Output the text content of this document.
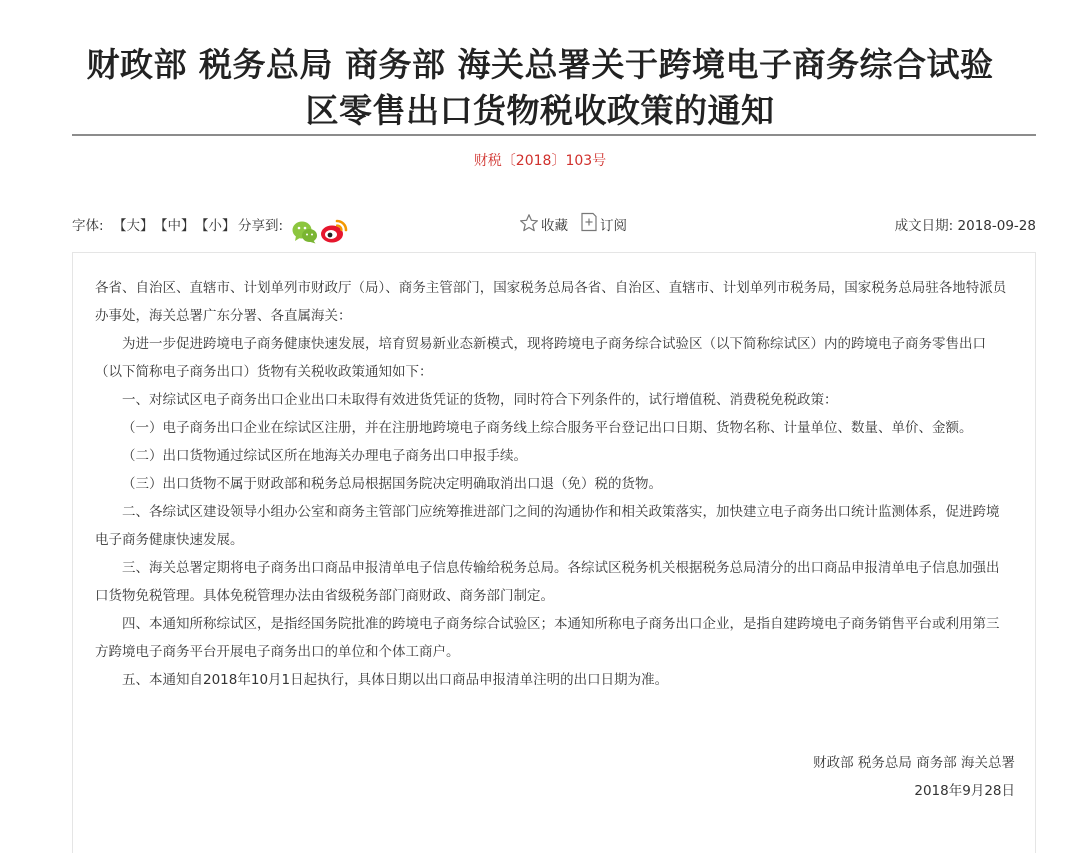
财政部 税务总局 商务部 海关总署关于跨境电子商务综合试验
区零售出口货物税收政策的通知
财税〔2018〕103号
字体: 【大】 【中】 【小】 分享到:	收藏 订阅	成文日期: 2018-09-28

各省、自治区、直辖市、计划单列市财政厅（局）、商务主管部门，国家税务总局各省、自治区、直辖市、计划单列市税务局，国家税务总局驻各地特派员办事处，海关总署广东分署、各直属海关：

为进一步促进跨境电子商务健康快速发展，培育贸易新业态新模式，现将跨境电子商务综合试验区（以下简称综试区）内的跨境电子商务零售出口（以下简称电子商务出口）货物有关税收政策通知如下：

一、对综试区电子商务出口企业出口未取得有效进货凭证的货物，同时符合下列条件的，试行增值税、消费税免税政策：

（一）电子商务出口企业在综试区注册，并在注册地跨境电子商务线上综合服务平台登记出口日期、货物名称、计量单位、数量、单价、金额。

（二）出口货物通过综试区所在地海关办理电子商务出口申报手续。

（三）出口货物不属于财政部和税务总局根据国务院决定明确取消出口退（免）税的货物。

二、各综试区建设领导小组办公室和商务主管部门应统筹推进部门之间的沟通协作和相关政策落实，加快建立电子商务出口统计监测体系，促进跨境电子商务健康快速发展。

三、海关总署定期将电子商务出口商品申报清单电子信息传输给税务总局。各综试区税务机关根据税务总局清分的出口商品申报清单电子信息加强出口货物免税管理。具体免税管理办法由省级税务部门商财政、商务部门制定。

四、本通知所称综试区，是指经国务院批准的跨境电子商务综合试验区；本通知所称电子商务出口企业，是指自建跨境电子商务销售平台或利用第三方跨境电子商务平台开展电子商务出口的单位和个体工商户。

五、本通知自2018年10月1日起执行，具体日期以出口商品申报清单注明的出口日期为准。

财政部 税务总局 商务部 海关总署
2018年9月28日
